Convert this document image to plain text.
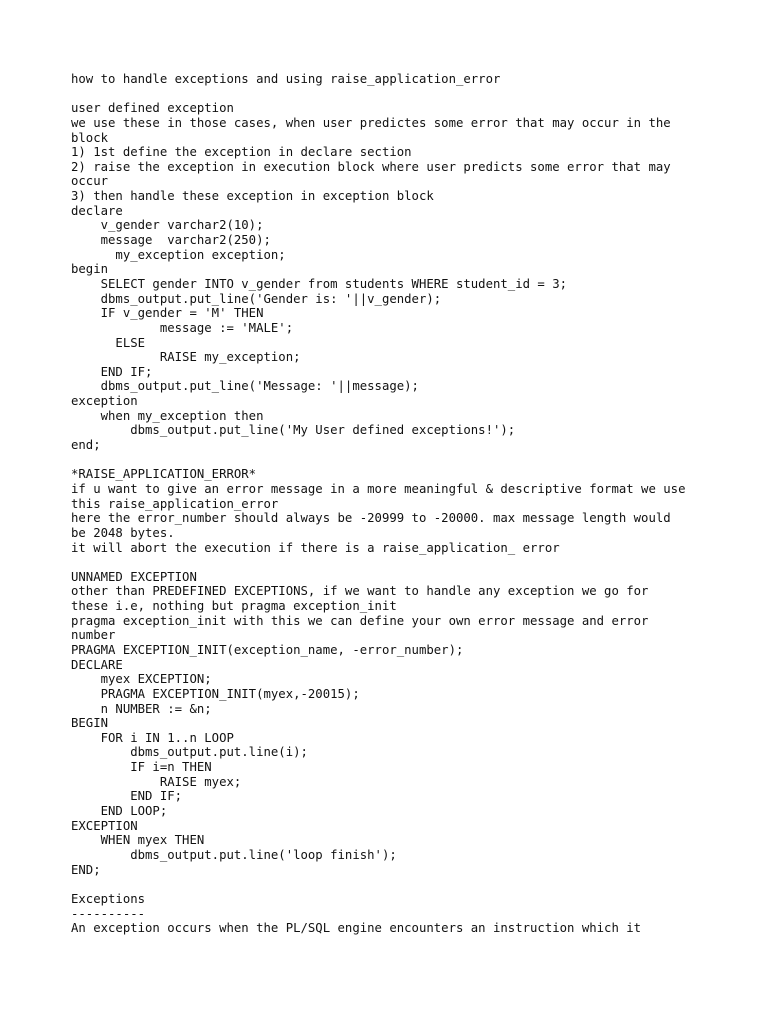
how to handle exceptions and using raise_application_error
user defined exception
we use these in those cases, when user predictes some error that may occur in the
block
1) 1st define the exception in declare section
2) raise the exception in execution block where user predicts some error that may
occur
3) then handle these exception in exception block
declare
v_gender varchar2(10);
message  varchar2(250);
my_exception exception;
begin
SELECT gender INTO v_gender from students WHERE student_id = 3;
dbms_output.put_line('Gender is: '||v_gender);
IF v_gender = 'M' THEN
message := 'MALE';
ELSE
RAISE my_exception;
END IF;
dbms_output.put_line('Message: '||message);
exception
when my_exception then
dbms_output.put_line('My User defined exceptions!');
end;
*RAISE_APPLICATION_ERROR*
if u want to give an error message in a more meaningful & descriptive format we use
this raise_application_error
here the error_number should always be -20999 to -20000. max message length would
be 2048 bytes.
it will abort the execution if there is a raise_application_ error
UNNAMED EXCEPTION
other than PREDEFINED EXCEPTIONS, if we want to handle any exception we go for
these i.e, nothing but pragma exception_init
pragma exception_init with this we can define your own error message and error
number
PRAGMA EXCEPTION_INIT(exception_name, -error_number);
DECLARE
myex EXCEPTION;
PRAGMA EXCEPTION_INIT(myex,-20015);
n NUMBER := &n;
BEGIN
FOR i IN 1..n LOOP
dbms_output.put.line(i);
IF i=n THEN
RAISE myex;
END IF;
END LOOP;
EXCEPTION
WHEN myex THEN
dbms_output.put.line('loop finish');
END;
Exceptions
----------
An exception occurs when the PL/SQL engine encounters an instruction which it
